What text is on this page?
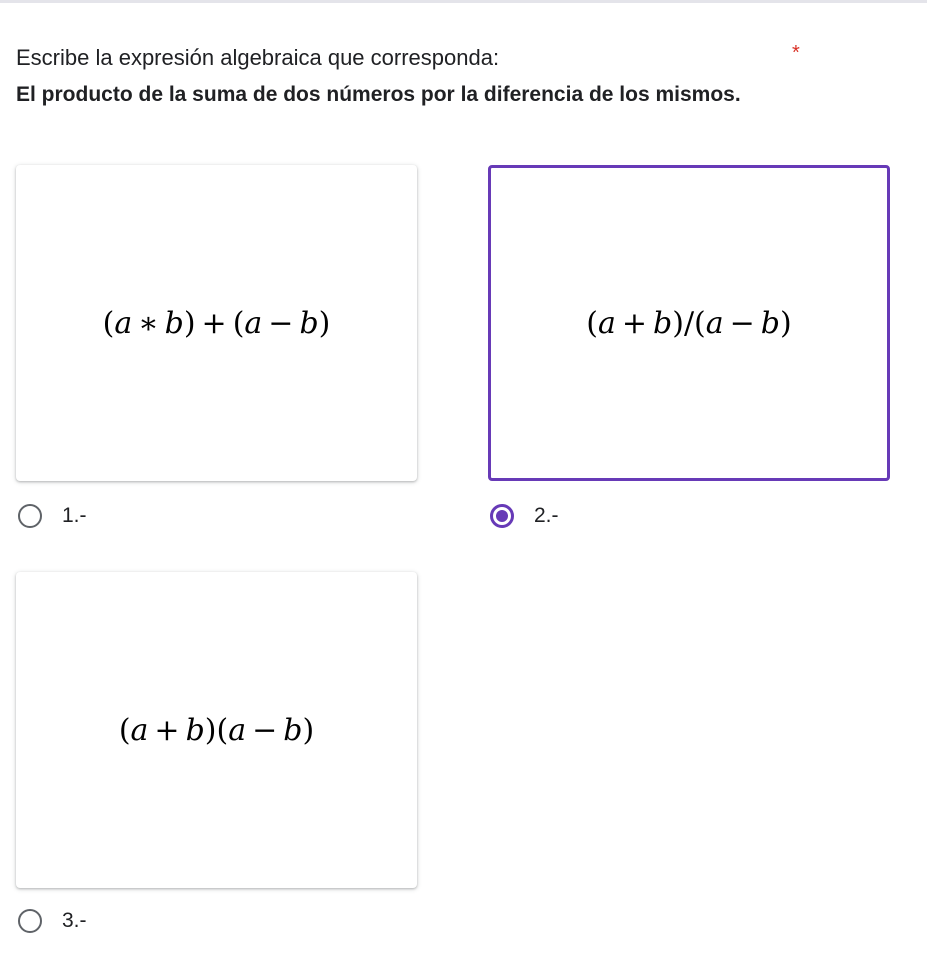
Escribe la expresión algebraica que corresponda:	*
El producto de la suma de dos números por la diferencia de los mismos.
(a  ∗  b)  +  (a  −  b)
1.-
(a  +  b)/(a  −  b)
2.-
(a  +  b)(a  −  b)
3.-
